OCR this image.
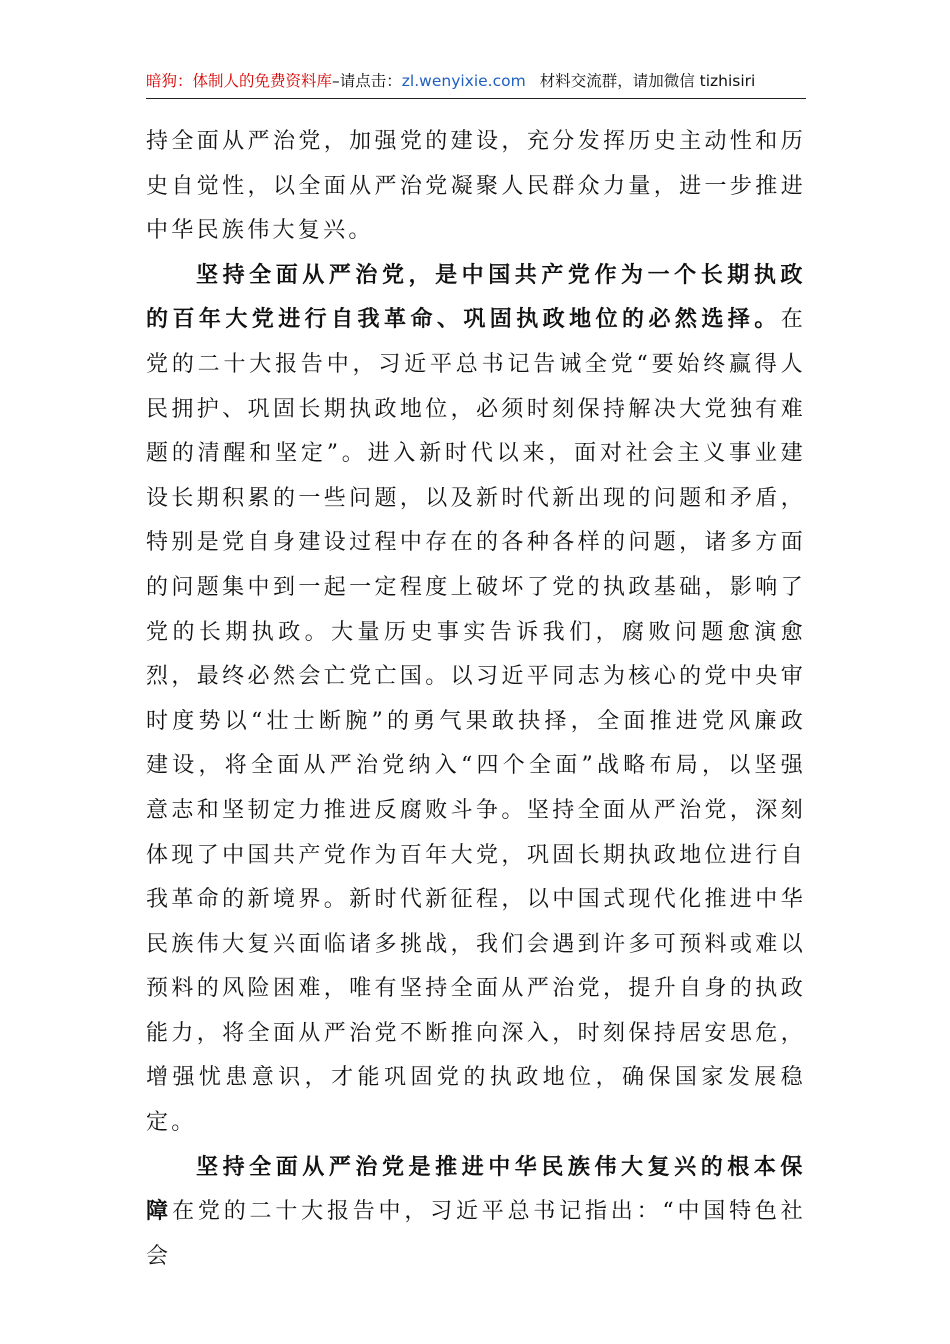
暗狗：体制人的免费资料库–请点击：zl.wenyixie.com 材料交流群，请加微信 tizhisiri

持全面从严治党，加强党的建设，充分发挥历史主动性和历史自觉性，以全面从严治党凝聚人民群众力量，进一步推进中华民族伟大复兴。

坚持全面从严治党，是中国共产党作为一个长期执政的百年大党进行自我革命、巩固执政地位的必然选择。在党的二十大报告中，习近平总书记告诫全党“要始终赢得人民拥护、巩固长期执政地位，必须时刻保持解决大党独有难题的清醒和坚定”。进入新时代以来，面对社会主义事业建设长期积累的一些问题，以及新时代新出现的问题和矛盾，特别是党自身建设过程中存在的各种各样的问题，诸多方面的问题集中到一起一定程度上破坏了党的执政基础，影响了党的长期执政。大量历史事实告诉我们，腐败问题愈演愈烈，最终必然会亡党亡国。以习近平同志为核心的党中央审时度势以“壮士断腕”的勇气果敢抉择，全面推进党风廉政建设，将全面从严治党纳入“四个全面”战略布局，以坚强意志和坚韧定力推进反腐败斗争。坚持全面从严治党，深刻体现了中国共产党作为百年大党，巩固长期执政地位进行自我革命的新境界。新时代新征程，以中国式现代化推进中华民族伟大复兴面临诸多挑战，我们会遇到许多可预料或难以预料的风险困难，唯有坚持全面从严治党，提升自身的执政能力，将全面从严治党不断推向深入，时刻保持居安思危，增强忧患意识，才能巩固党的执政地位，确保国家发展稳定。

坚持全面从严治党是推进中华民族伟大复兴的根本保障在党的二十大报告中，习近平总书记指出：“中国特色社会
